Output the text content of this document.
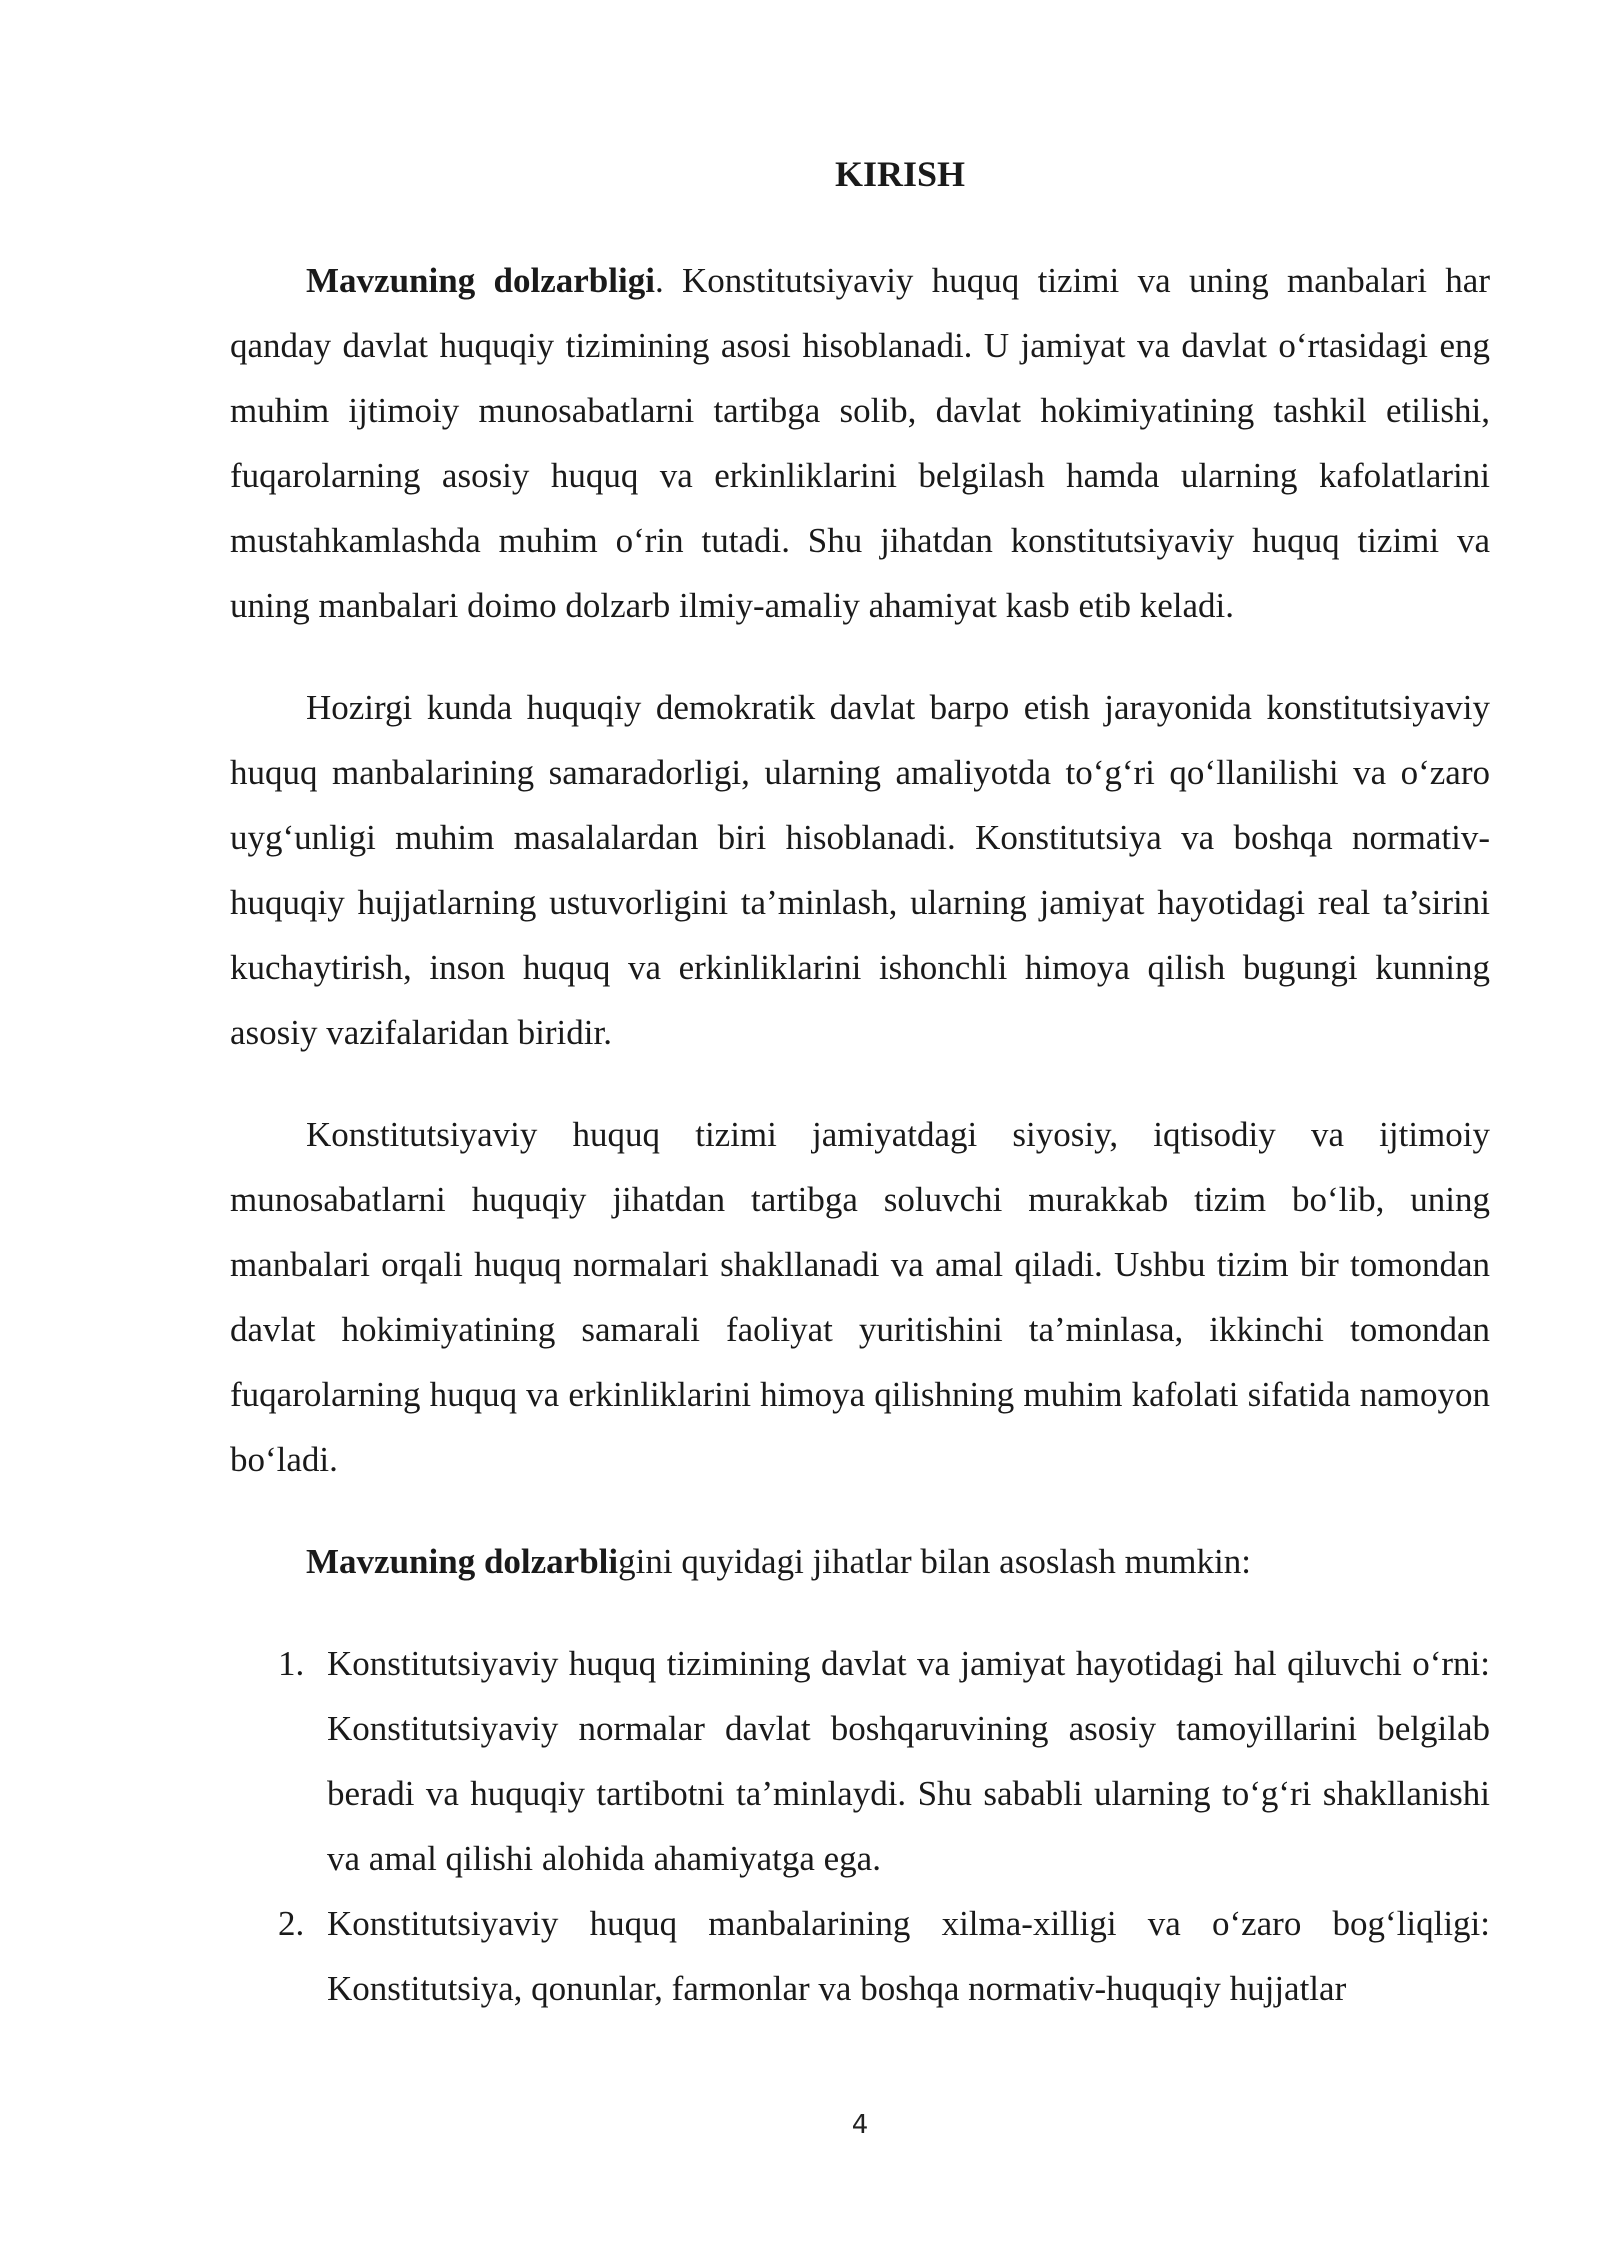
KIRISH

Mavzuning dolzarbligi. Konstitutsiyaviy huquq tizimi va uning manbalari har qanday davlat huquqiy tizimining asosi hisoblanadi. U jamiyat va davlat o‘rtasidagi eng muhim ijtimoiy munosabatlarni tartibga solib, davlat hokimiyatining tashkil etilishi, fuqarolarning asosiy huquq va erkinliklarini belgilash hamda ularning kafolatlarini mustahkamlashda muhim o‘rin tutadi. Shu jihatdan konstitutsiyaviy huquq tizimi va uning manbalari doimo dolzarb ilmiy-amaliy ahamiyat kasb etib keladi.

Hozirgi kunda huquqiy demokratik davlat barpo etish jarayonida konstitutsiyaviy huquq manbalarining samaradorligi, ularning amaliyotda to‘g‘ri qo‘llanilishi va o‘zaro uyg‘unligi muhim masalalardan biri hisoblanadi. Konstitutsiya va boshqa normativ-huquqiy hujjatlarning ustuvorligini ta’minlash, ularning jamiyat hayotidagi real ta’sirini kuchaytirish, inson huquq va erkinliklarini ishonchli himoya qilish bugungi kunning asosiy vazifalaridan biridir.

Konstitutsiyaviy huquq tizimi jamiyatdagi siyosiy, iqtisodiy va ijtimoiy munosabatlarni huquqiy jihatdan tartibga soluvchi murakkab tizim bo‘lib, uning manbalari orqali huquq normalari shakllanadi va amal qiladi. Ushbu tizim bir tomondan davlat hokimiyatining samarali faoliyat yuritishini ta’minlasa, ikkinchi tomondan fuqarolarning huquq va erkinliklarini himoya qilishning muhim kafolati sifatida namoyon bo‘ladi.

Mavzuning dolzarbligini quyidagi jihatlar bilan asoslash mumkin:

1. Konstitutsiyaviy huquq tizimining davlat va jamiyat hayotidagi hal qiluvchi o‘rni: Konstitutsiyaviy normalar davlat boshqaruvining asosiy tamoyillarini belgilab beradi va huquqiy tartibotni ta’minlaydi. Shu sababli ularning to‘g‘ri shakllanishi va amal qilishi alohida ahamiyatga ega.
2. Konstitutsiyaviy huquq manbalarining xilma-xilligi va o‘zaro bog‘liqligi: Konstitutsiya, qonunlar, farmonlar va boshqa normativ-huquqiy hujjatlar
4
